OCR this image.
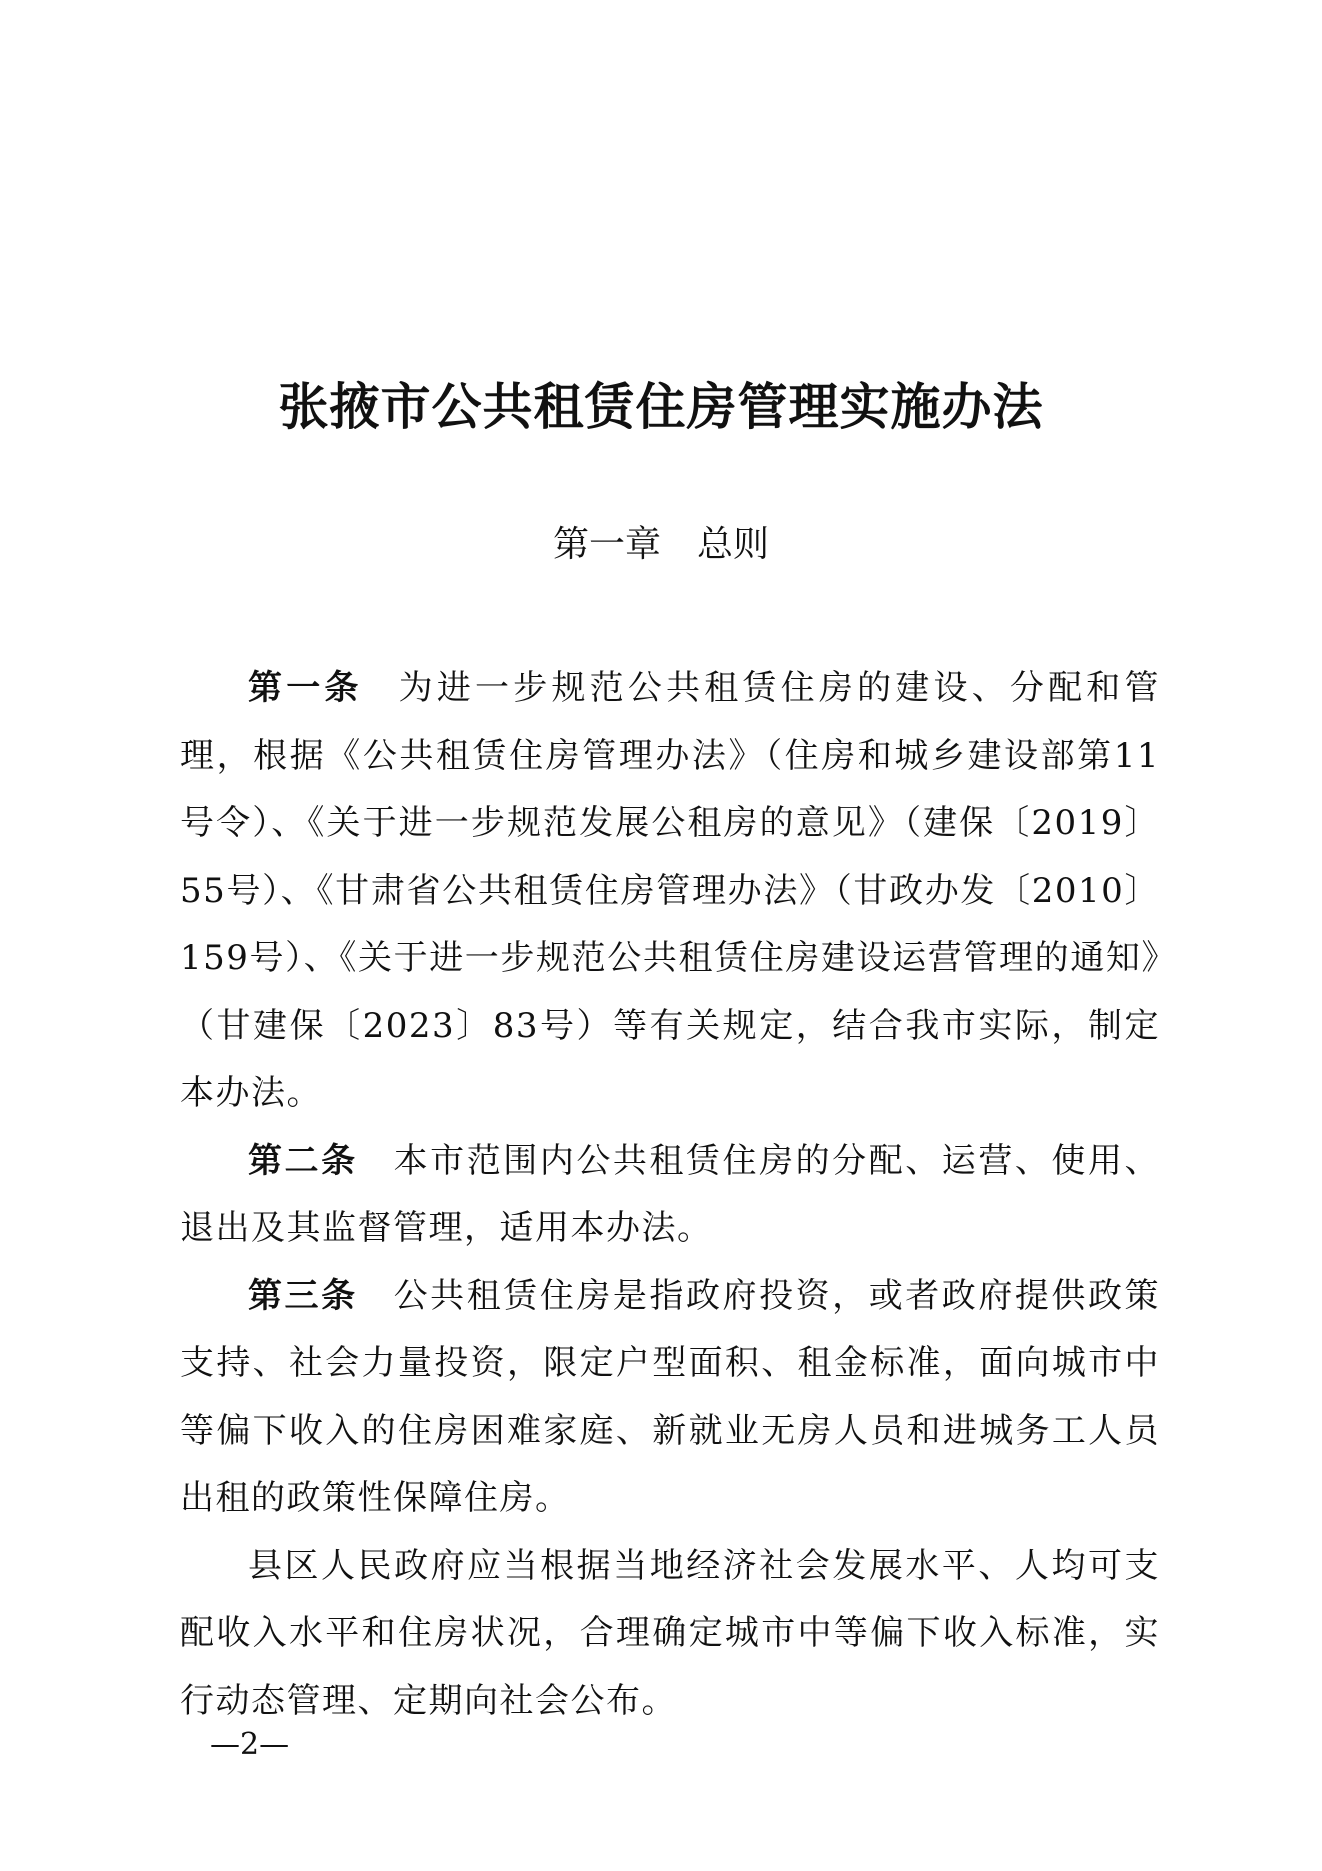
张掖市公共租赁住房管理实施办法
第一章　总则

第一条 为进一步规范公共租赁住房的建设、分配和管理，根据《公共租赁住房管理办法》（住房和城乡建设部第11号令）、《关于进一步规范发展公租房的意见》（建保〔2019〕55号）、《甘肃省公共租赁住房管理办法》（甘政办发〔2010〕159号）、《关于进一步规范公共租赁住房建设运营管理的通知》（甘建保〔2023〕83号）等有关规定，结合我市实际，制定本办法。

第二条 本市范围内公共租赁住房的分配、运营、使用、退出及其监督管理，适用本办法。

第三条 公共租赁住房是指政府投资，或者政府提供政策支持、社会力量投资，限定户型面积、租金标准，面向城市中等偏下收入的住房困难家庭、新就业无房人员和进城务工人员出租的政策性保障住房。

县区人民政府应当根据当地经济社会发展水平、人均可支配收入水平和住房状况，合理确定城市中等偏下收入标准，实行动态管理、定期向社会公布。

—2—
